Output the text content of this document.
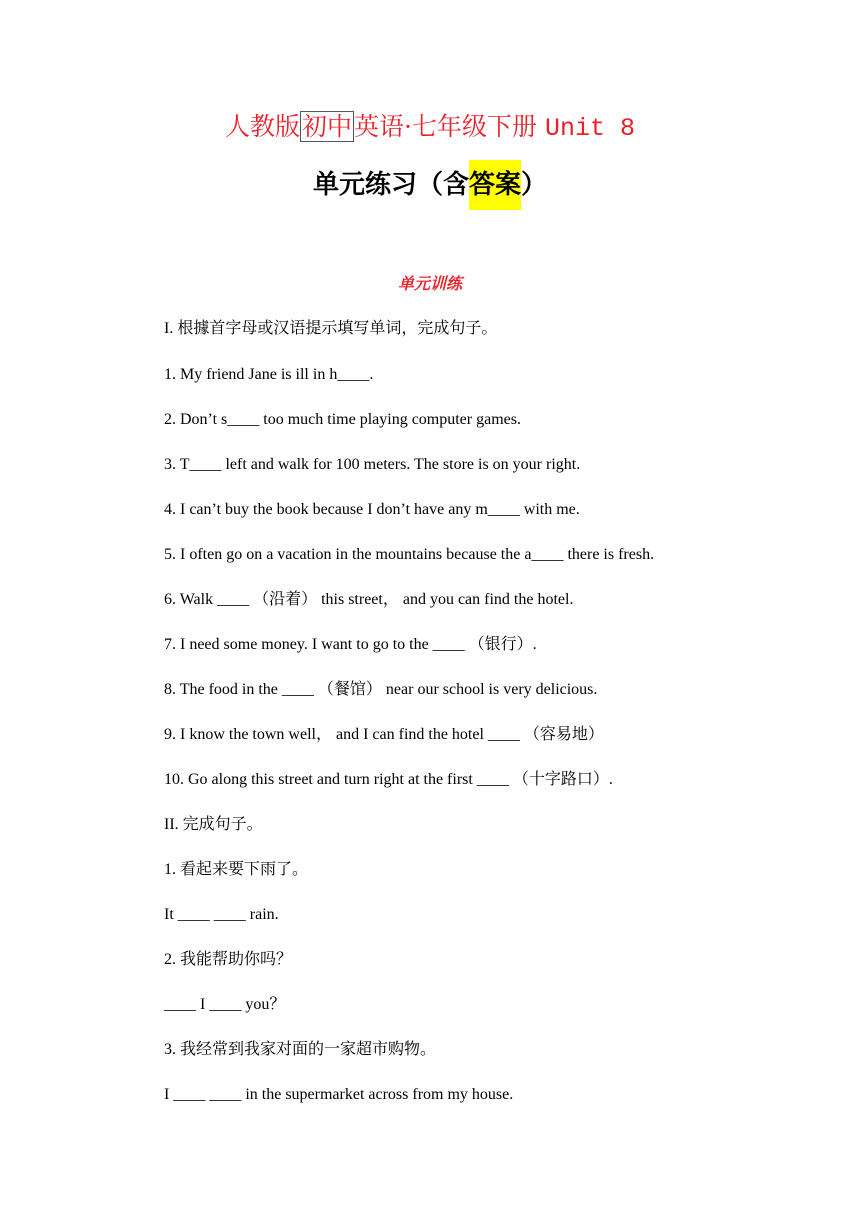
人教版初中英语·七年级下册 Unit 8
单元练习（含答案）
单元训练
I. 根據首字母或汉语提示填写单词，完成句子。
1. My friend Jane is ill in h____.
2. Don’t s____ too much time playing computer games.
3. T____ left and walk for 100 meters. The store is on your right.
4. I can’t buy the book because I don’t have any m____ with me.
5. I often go on a vacation in the mountains because the a____ there is fresh.
6. Walk ____ （沿着） this street， and you can find the hotel.
7. I need some money. I want to go to the ____ （银行）.
8. The food in the ____ （餐馆） near our school is very delicious.
9. I know the town well， and I can find the hotel ____ （容易地）
10. Go along this street and turn right at the first ____ （十字路口）.
II. 完成句子。
1. 看起来要下雨了。
It ____ ____ rain.
2. 我能帮助你吗？
____ I ____ you？
3. 我经常到我家对面的一家超市购物。
I ____ ____ in the supermarket across from my house.
